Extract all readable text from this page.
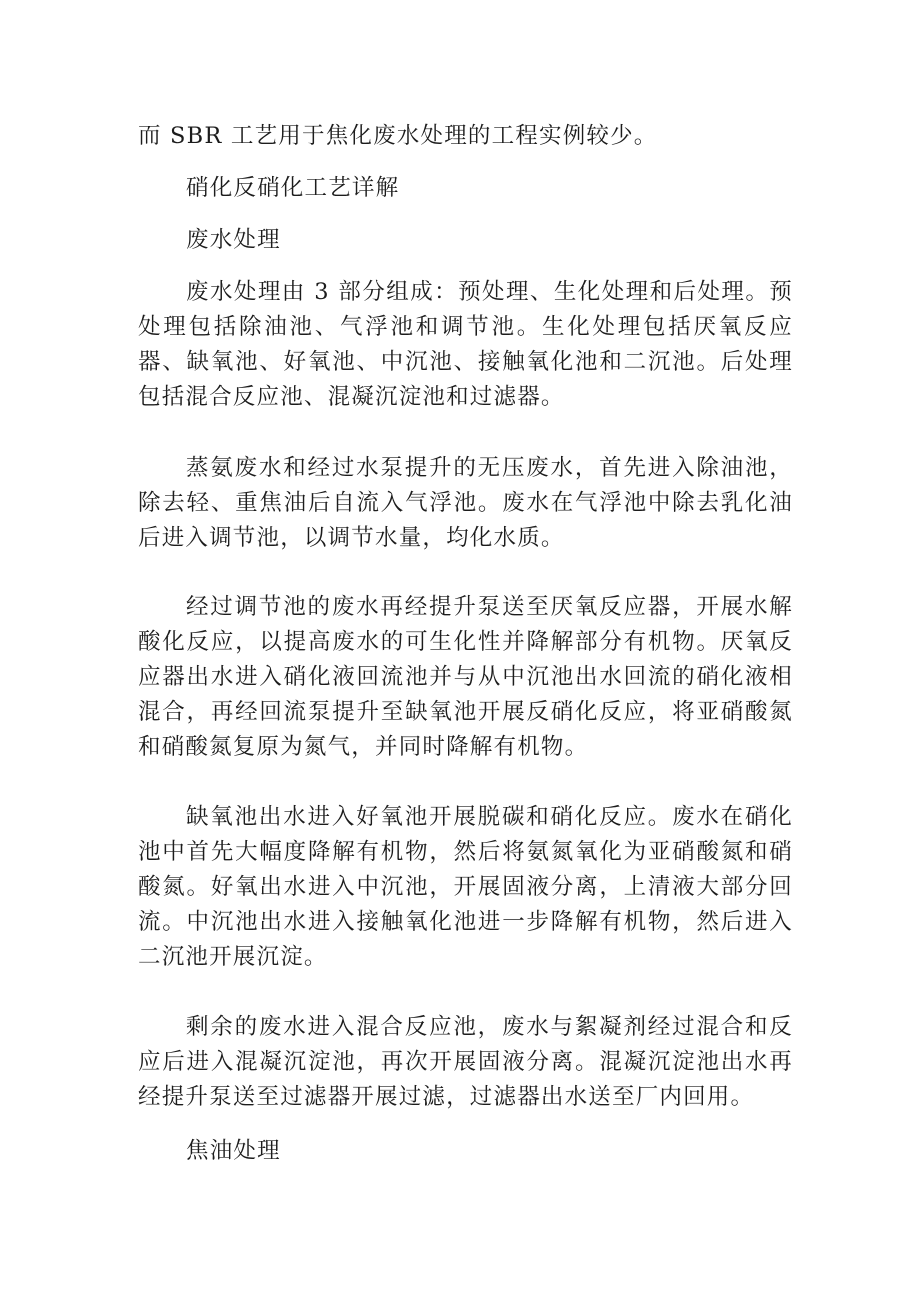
而 SBR 工艺用于焦化废水处理的工程实例较少。

硝化反硝化工艺详解

废水处理

废水处理由 3 部分组成：预处理、生化处理和后处理。预处理包括除油池、气浮池和调节池。生化处理包括厌氧反应器、缺氧池、好氧池、中沉池、接触氧化池和二沉池。后处理包括混合反应池、混凝沉淀池和过滤器。

蒸氨废水和经过水泵提升的无压废水，首先进入除油池，除去轻、重焦油后自流入气浮池。废水在气浮池中除去乳化油后进入调节池，以调节水量，均化水质。

经过调节池的废水再经提升泵送至厌氧反应器，开展水解酸化反应，以提高废水的可生化性并降解部分有机物。厌氧反应器出水进入硝化液回流池并与从中沉池出水回流的硝化液相混合，再经回流泵提升至缺氧池开展反硝化反应，将亚硝酸氮和硝酸氮复原为氮气，并同时降解有机物。

缺氧池出水进入好氧池开展脱碳和硝化反应。废水在硝化池中首先大幅度降解有机物，然后将氨氮氧化为亚硝酸氮和硝酸氮。好氧出水进入中沉池，开展固液分离，上清液大部分回流。中沉池出水进入接触氧化池进一步降解有机物，然后进入二沉池开展沉淀。

剩余的废水进入混合反应池，废水与絮凝剂经过混合和反应后进入混凝沉淀池，再次开展固液分离。混凝沉淀池出水再经提升泵送至过滤器开展过滤，过滤器出水送至厂内回用。

焦油处理
